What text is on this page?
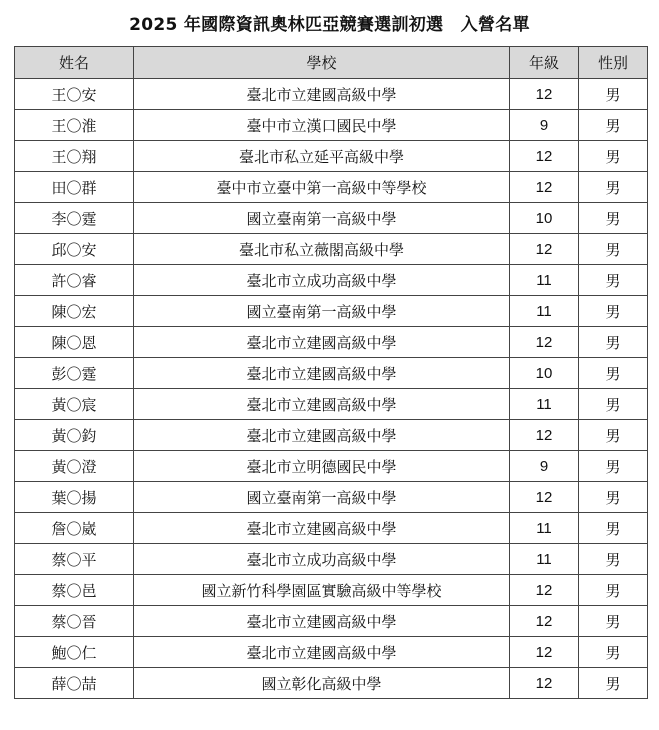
2025 年國際資訊奧林匹亞競賽選訓初選　入營名單
姓名	學校	年級	性別
王〇安	臺北市立建國高級中學	12	男
王〇淮	臺中市立漢口國民中學	9	男
王〇翔	臺北市私立延平高級中學	12	男
田〇群	臺中市立臺中第一高級中等學校	12	男
李〇霆	國立臺南第一高級中學	10	男
邱〇安	臺北市私立薇閣高級中學	12	男
許〇睿	臺北市立成功高級中學	11	男
陳〇宏	國立臺南第一高級中學	11	男
陳〇恩	臺北市立建國高級中學	12	男
彭〇霆	臺北市立建國高級中學	10	男
黃〇宸	臺北市立建國高級中學	11	男
黃〇鈞	臺北市立建國高級中學	12	男
黃〇澄	臺北市立明德國民中學	9	男
葉〇揚	國立臺南第一高級中學	12	男
詹〇崴	臺北市立建國高級中學	11	男
蔡〇平	臺北市立成功高級中學	11	男
蔡〇邑	國立新竹科學園區實驗高級中等學校	12	男
蔡〇晉	臺北市立建國高級中學	12	男
鮑〇仁	臺北市立建國高級中學	12	男
薛〇喆	國立彰化高級中學	12	男
